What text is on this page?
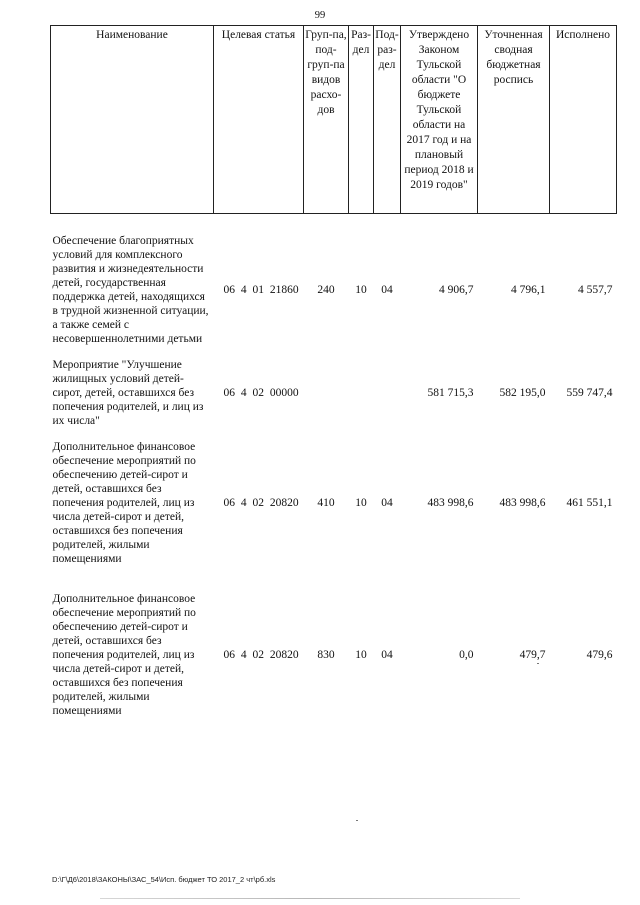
99
Наименование	Целевая статья	Груп-па, под-груп-па видов расхо-дов	Раз-дел	Под-раз-дел	Утверждено Законом Тульской области "О бюджете Тульской области на 2017 год и на плановый период 2018 и 2019 годов"	Уточненная сводная бюджетная роспись	Исполнено

Обеспечение благоприятных условий для комплексного развития и жизнедеятельности детей, государственная поддержка детей, находящихся в трудной жизненной ситуации, а также семей с несовершеннолетними детьми	06 4 01 21860	240	10	04	4 906,7	4 796,1	4 557,7
Мероприятие "Улучшение жилищных условий детей-сирот, детей, оставшихся без попечения родителей, и лиц из их числа"	06 4 02 00000				581 715,3	582 195,0	559 747,4
Дополнительное финансовое обеспечение мероприятий по обеспечению детей-сирот и детей, оставшихся без попечения родителей, лиц из числа детей-сирот и детей, оставшихся без попечения родителей, жилыми помещениями	06 4 02 20820	410	10	04	483 998,6	483 998,6	461 551,1

Дополнительное финансовое обеспечение мероприятий по обеспечению детей-сирот и детей, оставшихся без попечения родителей, лиц из числа детей-сирот и детей, оставшихся без попечения родителей, жилыми помещениями	06 4 02 20820	830	10	04	0,0	479,7	479,6
D:\Г\Д6\2018\ЗАКОНЫ\ЗАС_54\Исп. бюджет ТО 2017_2 чт\рб.xls
